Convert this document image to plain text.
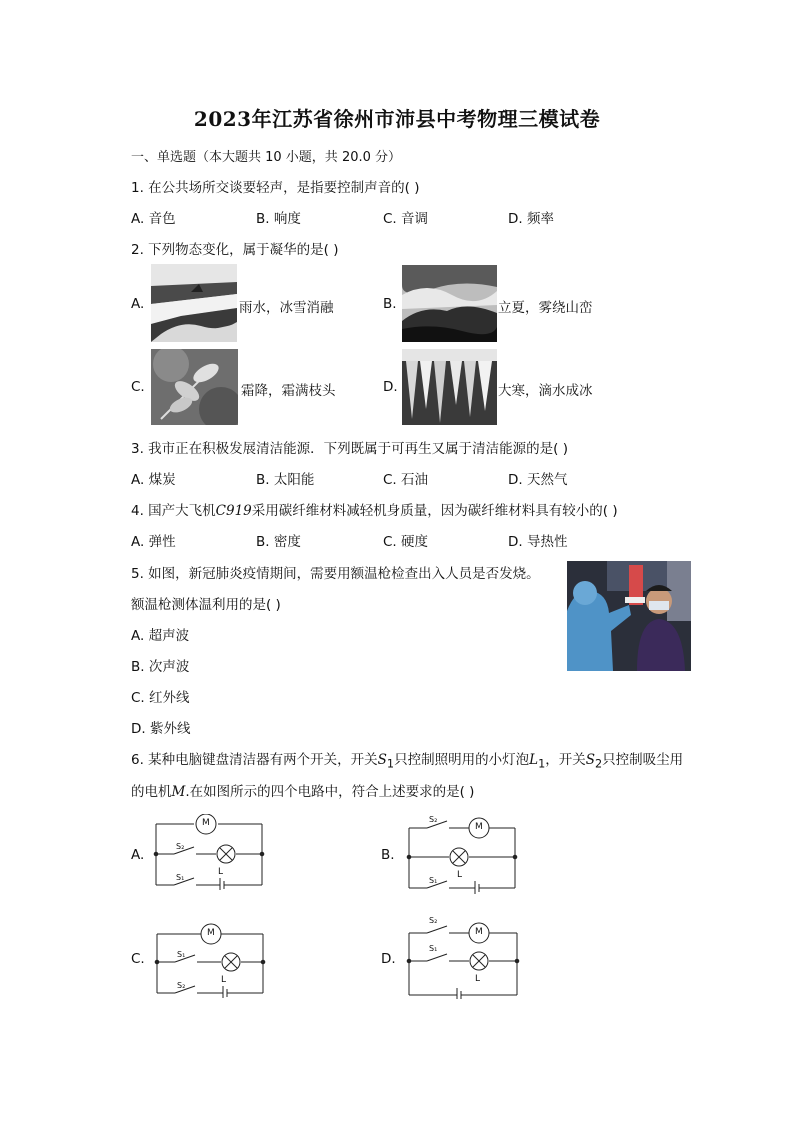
2023年江苏省徐州市沛县中考物理三模试卷
一、单选题（本大题共 10 小题，共 20.0 分）
1. 在公共场所交谈要轻声，是指要控制声音的( )
A. 音色	B. 响度	C. 音调	D. 频率
2. 下列物态变化，属于凝华的是( )
A.	雨水，冰雪消融	B.	立夏，雾绕山峦
C.	霜降，霜满枝头	D.	大寒，滴水成冰
3. 我市正在积极发展清洁能源．下列既属于可再生又属于清洁能源的是( )
A. 煤炭	B. 太阳能	C. 石油	D. 天然气
4. 国产大飞机C919采用碳纤维材料减轻机身质量，因为碳纤维材料具有较小的( )
A. 弹性	B. 密度	C. 硬度	D. 导热性
5. 如图，新冠肺炎疫情期间，需要用额温枪检查出入人员是否发烧。
额温枪测体温利用的是( )
A. 超声波
B. 次声波
C. 红外线
D. 紫外线
6. 某种电脑键盘清洁器有两个开关，开关$S_1$只控制照明用的小灯泡$L_1$，开关$S_2$只控制吸尘用
的电机M.在如图所示的四个电路中，符合上述要求的是( )
A.	B.
C.	D.
M
S₂
S₁
L
S₂
M
S₁
L
M
S₁
S₂
L
S₂
M
S₁
L
